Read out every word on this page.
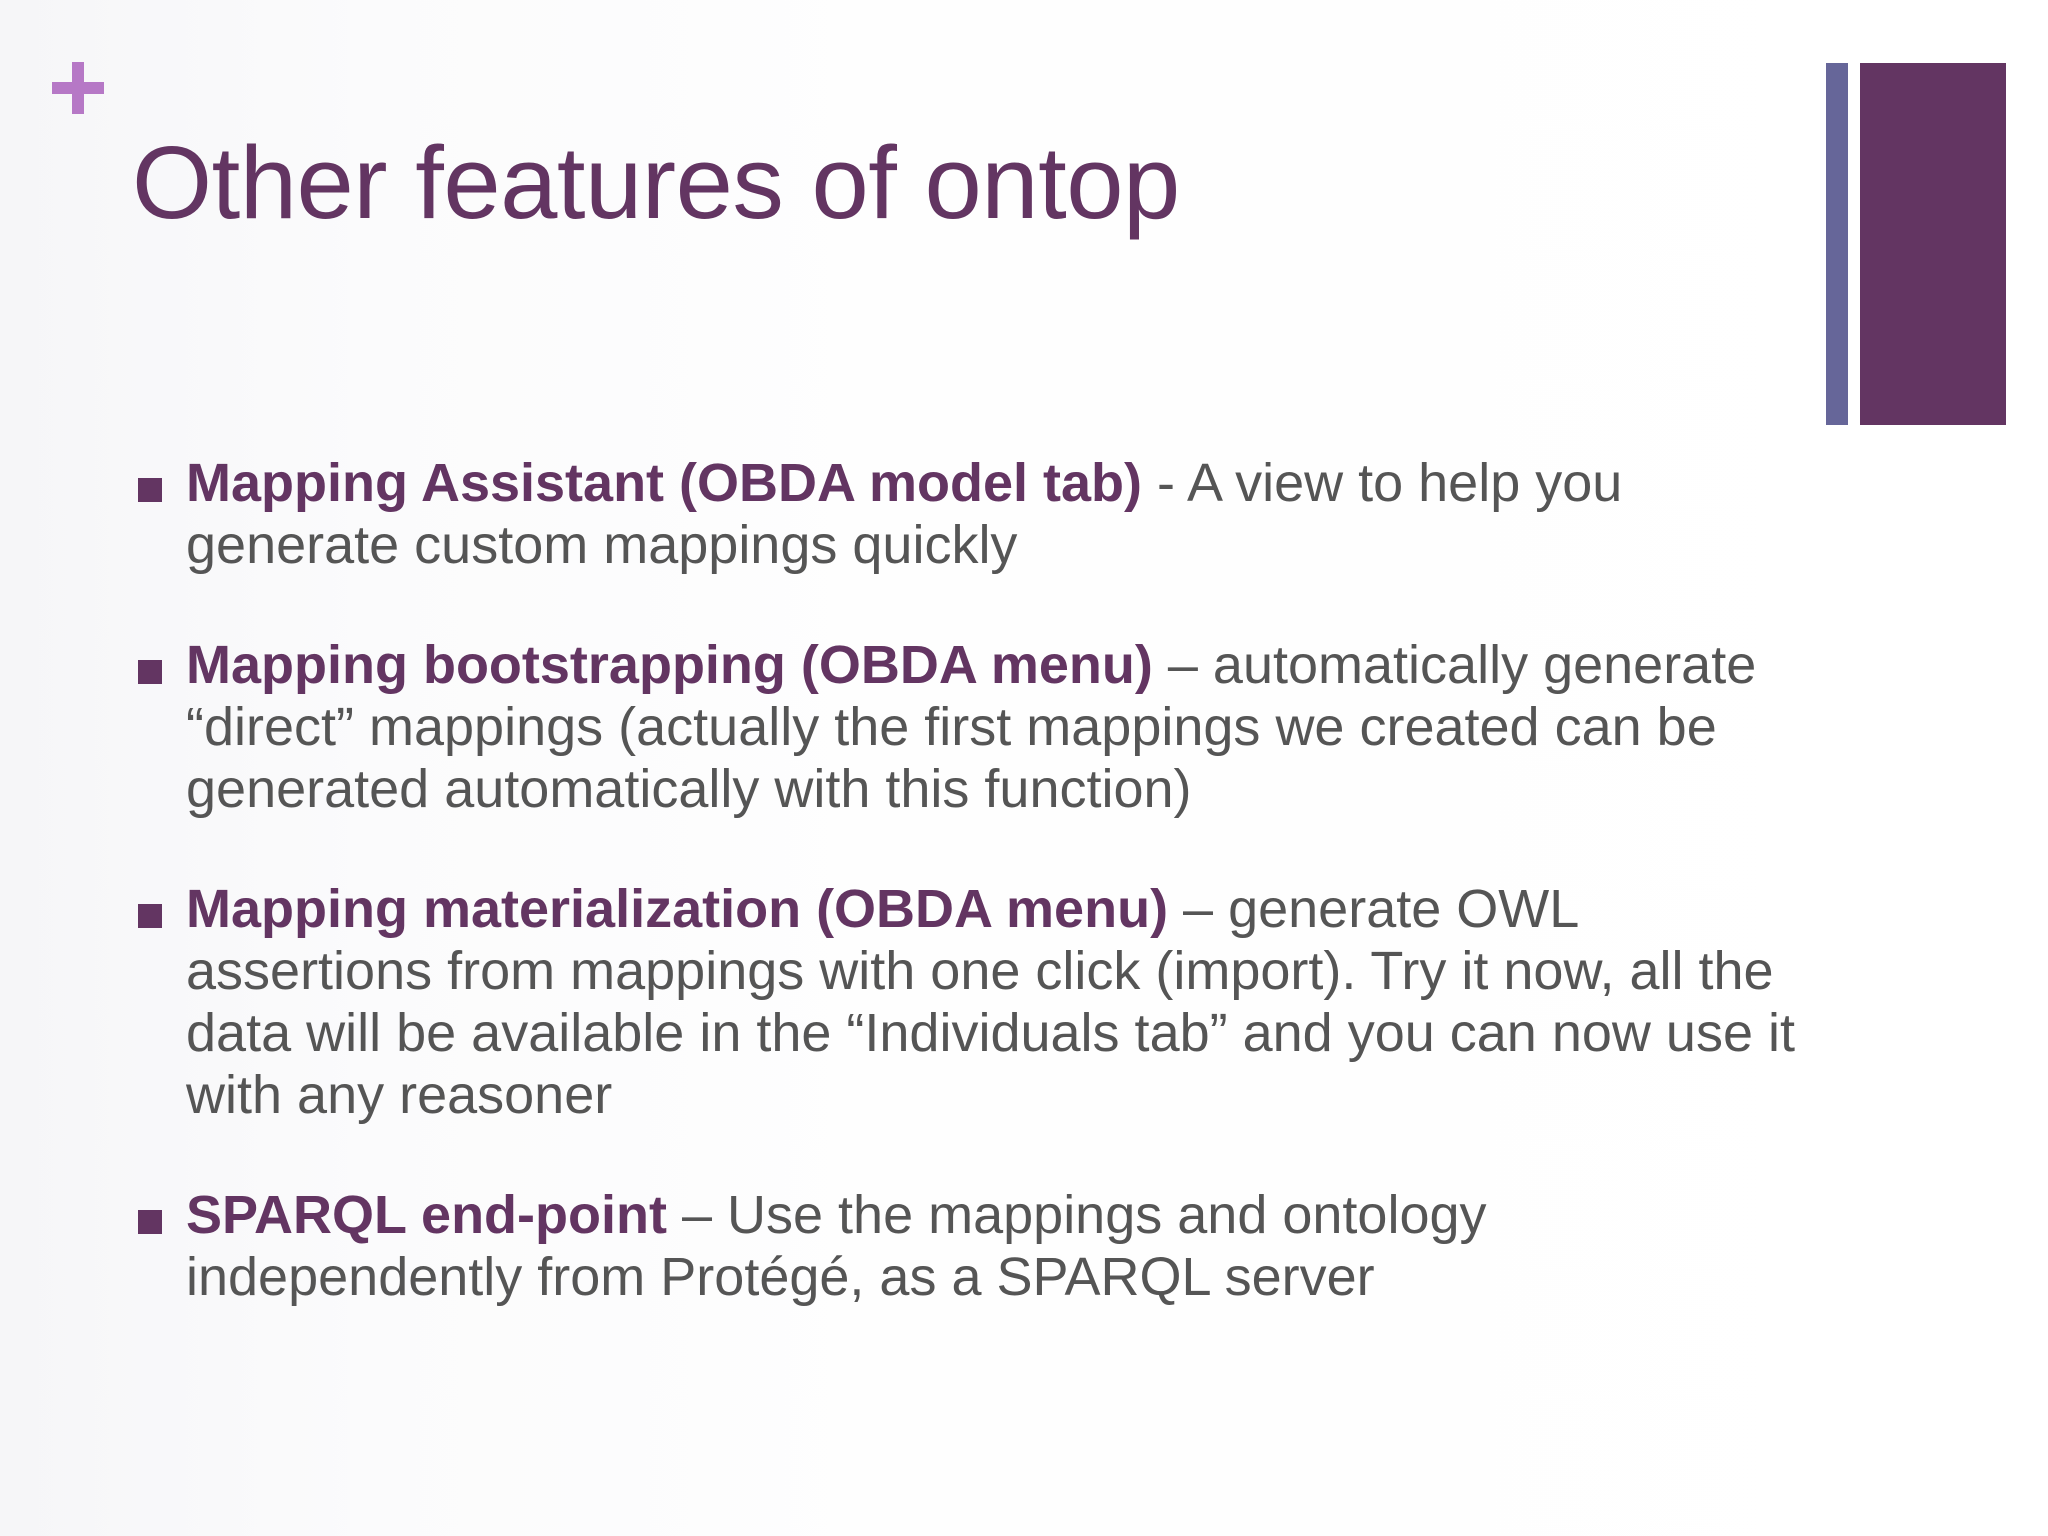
Other features of ontop
Mapping Assistant (OBDA model tab) - A view to help you generate custom mappings quickly
Mapping bootstrapping (OBDA menu) – automatically generate “direct” mappings (actually the first mappings we created can be generated automatically with this function)
Mapping materialization (OBDA menu) – generate OWL assertions from mappings with one click (import). Try it now, all the data will be available in the “Individuals tab” and you can now use it with any reasoner
SPARQL end-point – Use the mappings and ontology independently from Protégé, as a SPARQL server
